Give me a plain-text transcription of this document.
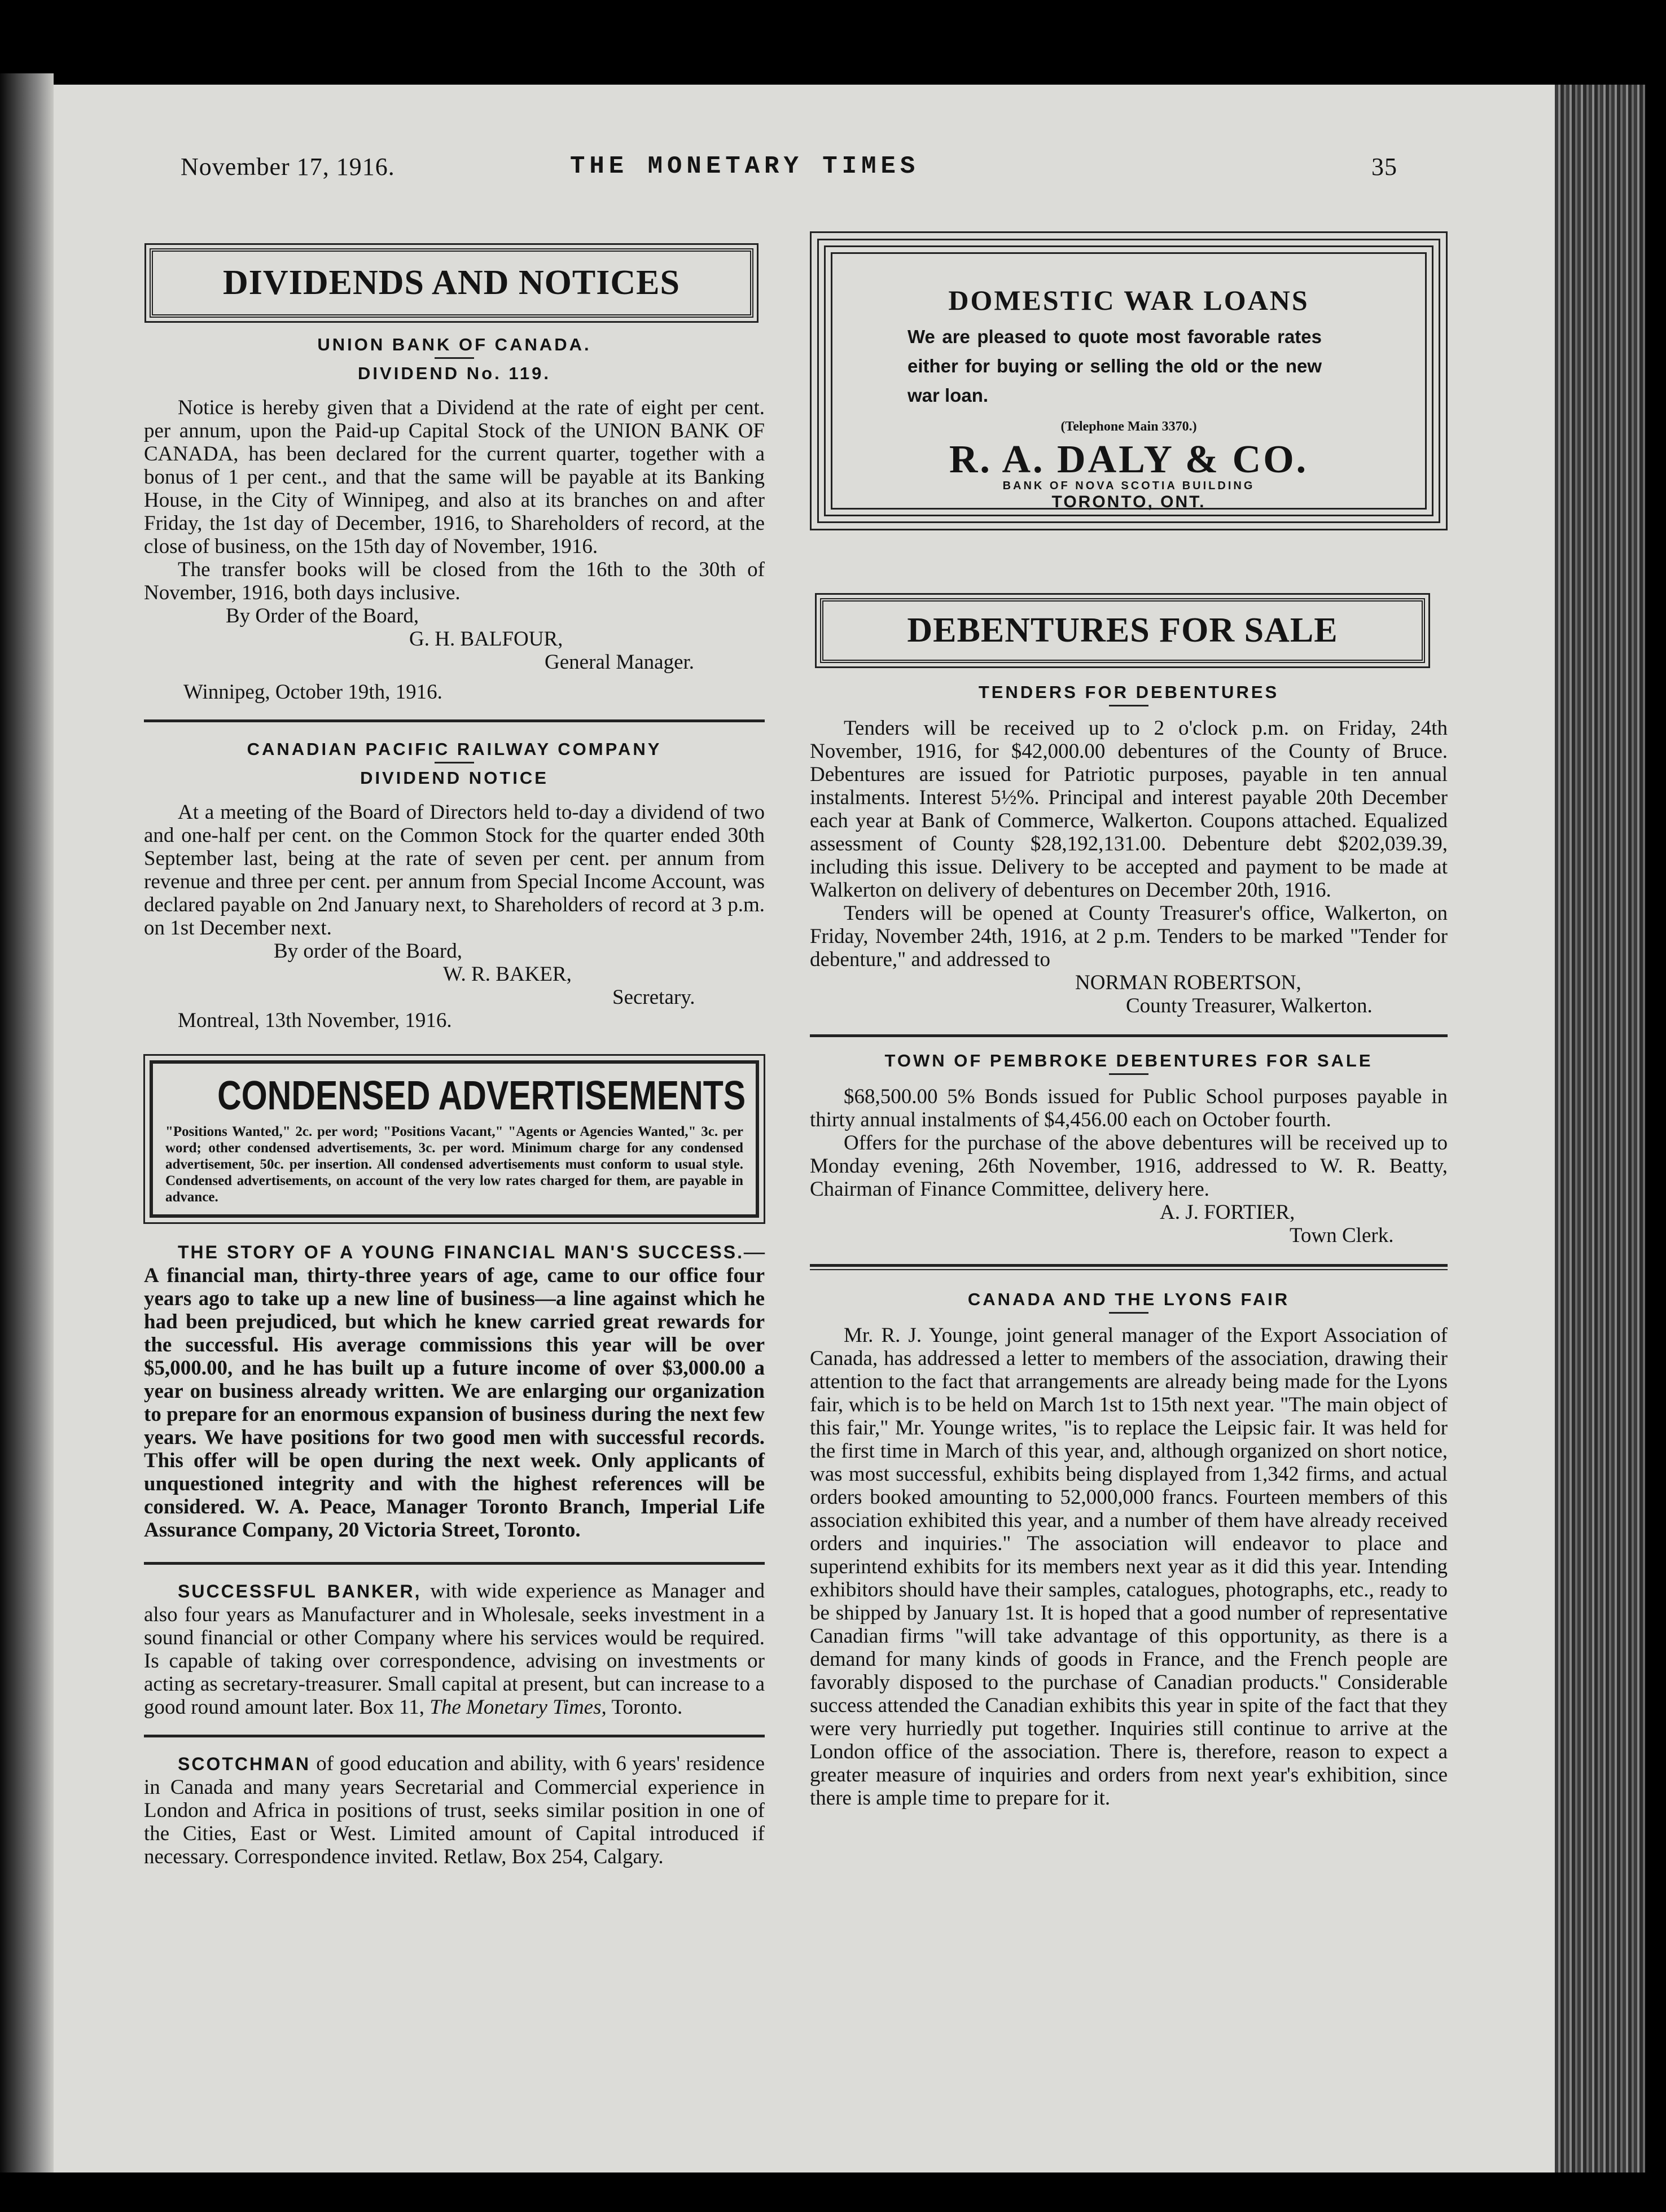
November 17, 1916.	THE MONETARY TIMES	35
DIVIDENDS AND NOTICES
UNION BANK OF CANADA.
DIVIDEND No. 119.

Notice is hereby given that a Dividend at the rate of eight per cent. per annum, upon the Paid-up Capital Stock of the UNION BANK OF CANADA, has been declared for the current quarter, together with a bonus of 1 per cent., and that the same will be payable at its Banking House, in the City of Winnipeg, and also at its branches on and after Friday, the 1st day of December, 1916, to Shareholders of record, at the close of business, on the 15th day of November, 1916.

The transfer books will be closed from the 16th to the 30th of November, 1916, both days inclusive.

By Order of the Board,

G. H. BALFOUR,

General Manager.

Winnipeg, October 19th, 1916.

CANADIAN PACIFIC RAILWAY COMPANY
DIVIDEND NOTICE

At a meeting of the Board of Directors held to-day a dividend of two and one-half per cent. on the Common Stock for the quarter ended 30th September last, being at the rate of seven per cent. per annum from revenue and three per cent. per annum from Special Income Account, was declared payable on 2nd January next, to Shareholders of record at 3 p.m. on 1st December next.

By order of the Board,

W. R. BAKER,

Secretary.

Montreal, 13th November, 1916.

CONDENSED ADVERTISEMENTS

"Positions Wanted," 2c. per word; "Positions Vacant," "Agents or Agencies Wanted," 3c. per word; other condensed advertisements, 3c. per word. Minimum charge for any condensed advertisement, 50c. per insertion. All condensed advertisements must conform to usual style. Condensed advertisements, on account of the very low rates charged for them, are payable in advance.

THE STORY OF A YOUNG FINANCIAL MAN'S SUCCESS.—A financial man, thirty-three years of age, came to our office four years ago to take up a new line of business—a line against which he had been prejudiced, but which he knew carried great rewards for the successful. His average commissions this year will be over $5,000.00, and he has built up a future income of over $3,000.00 a year on business already written. We are enlarging our organization to prepare for an enormous expansion of business during the next few years. We have positions for two good men with successful records. This offer will be open during the next week. Only applicants of unquestioned integrity and with the highest references will be considered. W. A. Peace, Manager Toronto Branch, Imperial Life Assurance Company, 20 Victoria Street, Toronto.

SUCCESSFUL BANKER, with wide experience as Manager and also four years as Manufacturer and in Wholesale, seeks investment in a sound financial or other Company where his services would be required. Is capable of taking over correspondence, advising on investments or acting as secretary-treasurer. Small capital at present, but can increase to a good round amount later. Box 11, The Monetary Times, Toronto.

SCOTCHMAN of good education and ability, with 6 years' residence in Canada and many years Secretarial and Commercial experience in London and Africa in positions of trust, seeks similar position in one of the Cities, East or West. Limited amount of Capital introduced if necessary. Correspondence invited. Retlaw, Box 254, Calgary.

DOMESTIC WAR LOANS

We are pleased to quote most favorable rates either for buying or selling the old or the new war loan.

(Telephone Main 3370.)
R. A. DALY & CO.
BANK OF NOVA SCOTIA BUILDING
TORONTO, ONT.
DEBENTURES FOR SALE
TENDERS FOR DEBENTURES

Tenders will be received up to 2 o'clock p.m. on Friday, 24th November, 1916, for $42,000.00 debentures of the County of Bruce. Debentures are issued for Patriotic purposes, payable in ten annual instalments. Interest 5½%. Principal and interest payable 20th December each year at Bank of Commerce, Walkerton. Coupons attached. Equalized assessment of County $28,192,131.00. Debenture debt $202,039.39, including this issue. Delivery to be accepted and payment to be made at Walkerton on delivery of debentures on December 20th, 1916.

Tenders will be opened at County Treasurer's office, Walkerton, on Friday, November 24th, 1916, at 2 p.m. Tenders to be marked "Tender for debenture," and addressed to

NORMAN ROBERTSON,

County Treasurer, Walkerton.

TOWN OF PEMBROKE DEBENTURES FOR SALE

$68,500.00 5% Bonds issued for Public School purposes payable in thirty annual instalments of $4,456.00 each on October fourth.

Offers for the purchase of the above debentures will be received up to Monday evening, 26th November, 1916, addressed to W. R. Beatty, Chairman of Finance Committee, delivery here.

A. J. FORTIER,

Town Clerk.

CANADA AND THE LYONS FAIR

Mr. R. J. Younge, joint general manager of the Export Association of Canada, has addressed a letter to members of the association, drawing their attention to the fact that arrangements are already being made for the Lyons fair, which is to be held on March 1st to 15th next year. "The main object of this fair," Mr. Younge writes, "is to replace the Leipsic fair. It was held for the first time in March of this year, and, although organized on short notice, was most successful, exhibits being displayed from 1,342 firms, and actual orders booked amounting to 52,000,000 francs. Fourteen members of this association exhibited this year, and a number of them have already received orders and inquiries." The association will endeavor to place and superintend exhibits for its members next year as it did this year. Intending exhibitors should have their samples, catalogues, photographs, etc., ready to be shipped by January 1st. It is hoped that a good number of representative Canadian firms "will take advantage of this opportunity, as there is a demand for many kinds of goods in France, and the French people are favorably disposed to the purchase of Canadian products." Considerable success attended the Canadian exhibits this year in spite of the fact that they were very hurriedly put together. Inquiries still continue to arrive at the London office of the association. There is, therefore, reason to expect a greater measure of inquiries and orders from next year's exhibition, since there is ample time to prepare for it.
